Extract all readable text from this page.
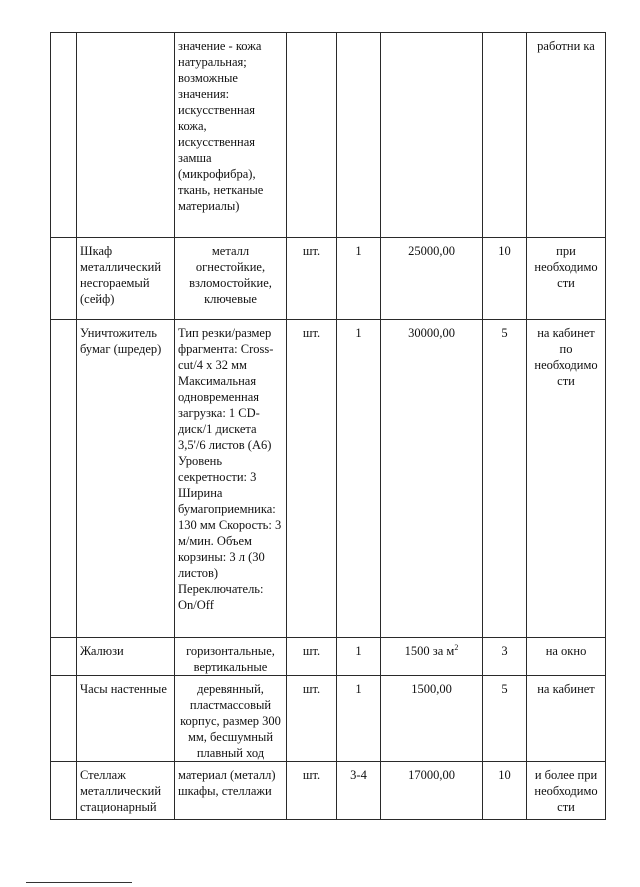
		значение - кожа натуральная; возможные значения: искусственная кожа, искусственная замша (микрофибра), ткань, нетканые материалы)					работни ка
	Шкаф металлический несгораемый (сейф)	металл огнестойкие, взломостойкие, ключевые	шт.	1	25000,00	10	при необходимо сти
	Уничтожитель бумаг (шредер)	Тип резки/размер фрагмента: Cross-cut/4 х 32 мм Максимальная одновременная загрузка: 1 CD-диск/1 дискета 3,5'/6 листов (А6) Уровень секретности: 3 Ширина бумагоприемника: 130 мм Скорость: 3 м/мин. Объем корзины: 3 л (30 листов) Переключатель: On/Off	шт.	1	30000,00	5	на кабинет по необходимо сти
	Жалюзи	горизонтальные, вертикальные	шт.	1	1500 за $м^2$	3	на окно
	Часы настенные	деревянный, пластмассовый корпус, размер 300 мм, бесшумный плавный ход	шт.	1	1500,00	5	на кабинет
	Стеллаж металлический стационарный	материал (металл) шкафы, стеллажи	шт.	3-4	17000,00	10	и более при необходимо сти
